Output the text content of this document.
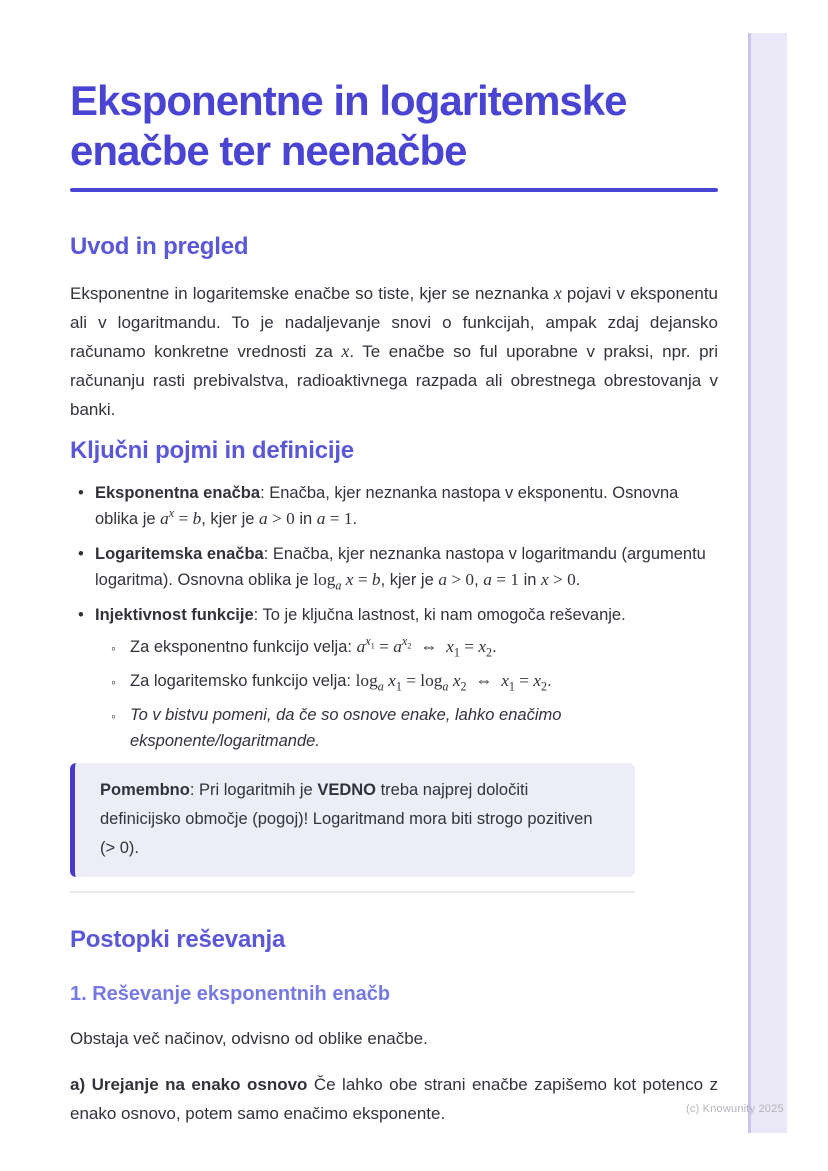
(c) Knowunity 2025
Eksponentne in logaritemske enačbe ter neenačbe
Uvod in pregled

Eksponentne in logaritemske enačbe so tiste, kjer se neznanka x pojavi v eksponentu ali v logaritmandu. To je nadaljevanje snovi o funkcijah, ampak zdaj dejansko računamo konkretne vrednosti za x. Te enačbe so ful uporabne v praksi, npr. pri računanju rasti prebivalstva, radioaktivnega razpada ali obrestnega obrestovanja v banki.

Ključni pojmi in definicije
• Eksponentna enačba: Enačba, kjer neznanka nastopa v eksponentu. Osnovna oblika je $a^x = b$, kjer je a > 0 in a = 1.
• Logaritemska enačba: Enačba, kjer neznanka nastopa v logaritmandu (argumentu logaritma). Osnovna oblika je $\log_a x = b$, kjer je a > 0, a = 1 in x > 0.
• Injektivnost funkcije: To je ključna lastnost, ki nam omogoča reševanje.
◦ Za eksponentno funkcijo velja: $a^{x_1} = a^{x_2}$  ⇔  $x_1 = x_2$.
◦ Za logaritemsko funkcijo velja: $\log_a x_1 = \log_a x_2$  ⇔  $x_1 = x_2$.
◦ To v bistvu pomeni, da če so osnove enake, lahko enačimo eksponente/logaritmande.

Pomembno: Pri logaritmih je VEDNO treba najprej določiti definicijsko območje (pogoj)! Logaritmand mora biti strogo pozitiven (> 0).

Postopki reševanja
1. Reševanje eksponentnih enačb

Obstaja več načinov, odvisno od oblike enačbe.

a) Urejanje na enako osnovo Če lahko obe strani enačbe zapišemo kot potenco z enako osnovo, potem samo enačimo eksponente.
